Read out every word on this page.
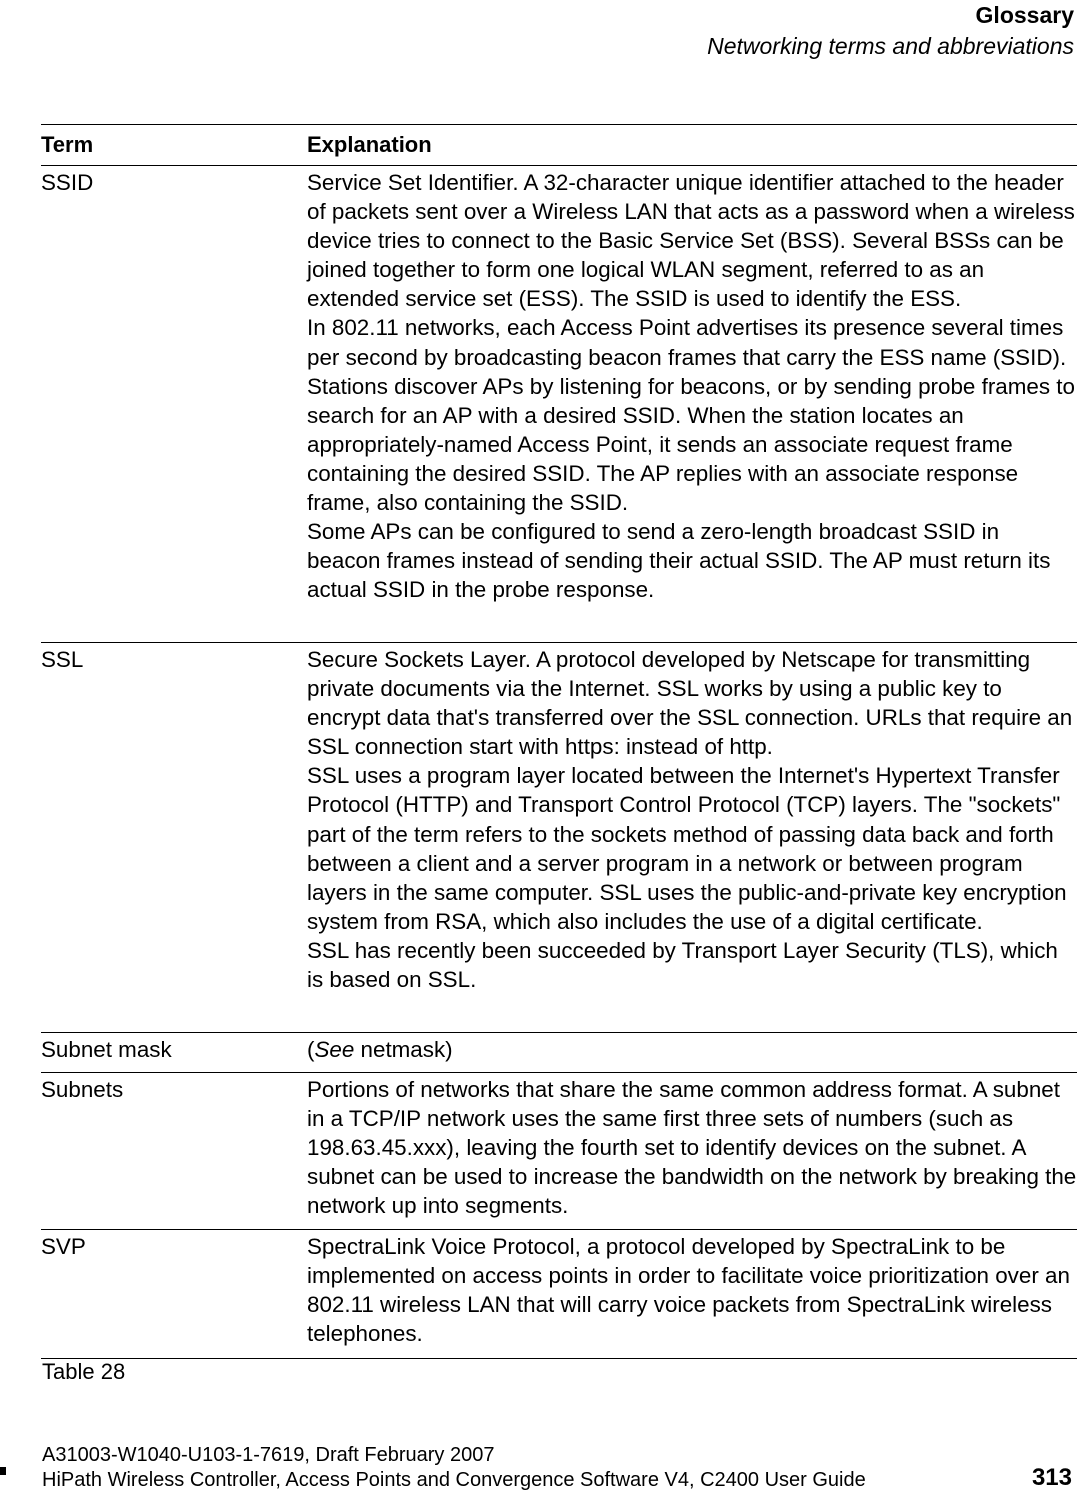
Glossary
Networking terms and abbreviations
Term	Explanation
SSID	Service Set Identifier. A 32-character unique identifier attached to the header of packets sent over a Wireless LAN that acts as a password when a wireless device tries to connect to the Basic Service Set (BSS). Several BSSs can be joined together to form one logical WLAN segment, referred to as an extended service set (ESS). The SSID is used to identify the ESS.
In 802.11 networks, each Access Point advertises its presence several times per second by broadcasting beacon frames that carry the ESS name (SSID). Stations discover APs by listening for beacons, or by sending probe frames to search for an AP with a desired SSID. When the station locates an appropriately-named Access Point, it sends an associate request frame containing the desired SSID. The AP replies with an associate response frame, also containing the SSID.
Some APs can be configured to send a zero-length broadcast SSID in beacon frames instead of sending their actual SSID. The AP must return its actual SSID in the probe response.
SSL	Secure Sockets Layer. A protocol developed by Netscape for transmitting private documents via the Internet. SSL works by using a public key to encrypt data that's transferred over the SSL connection. URLs that require an SSL connection start with https: instead of http.
SSL uses a program layer located between the Internet's Hypertext Transfer Protocol (HTTP) and Transport Control Protocol (TCP) layers. The "sockets" part of the term refers to the sockets method of passing data back and forth between a client and a server program in a network or between program layers in the same computer. SSL uses the public-and-private key encryption system from RSA, which also includes the use of a digital certificate.
SSL has recently been succeeded by Transport Layer Security (TLS), which is based on SSL.
Subnet mask	(See netmask)
Subnets	Portions of networks that share the same common address format. A subnet in a TCP/IP network uses the same first three sets of numbers (such as 198.63.45.xxx), leaving the fourth set to identify devices on the subnet. A subnet can be used to increase the bandwidth on the network by breaking the network up into segments.
SVP	SpectraLink Voice Protocol, a protocol developed by SpectraLink to be implemented on access points in order to facilitate voice prioritization over an 802.11 wireless LAN that will carry voice packets from SpectraLink wireless telephones.
Table 28
A31003-W1040-U103-1-7619, Draft February 2007
HiPath Wireless Controller, Access Points and Convergence Software V4, C2400 User Guide	313
